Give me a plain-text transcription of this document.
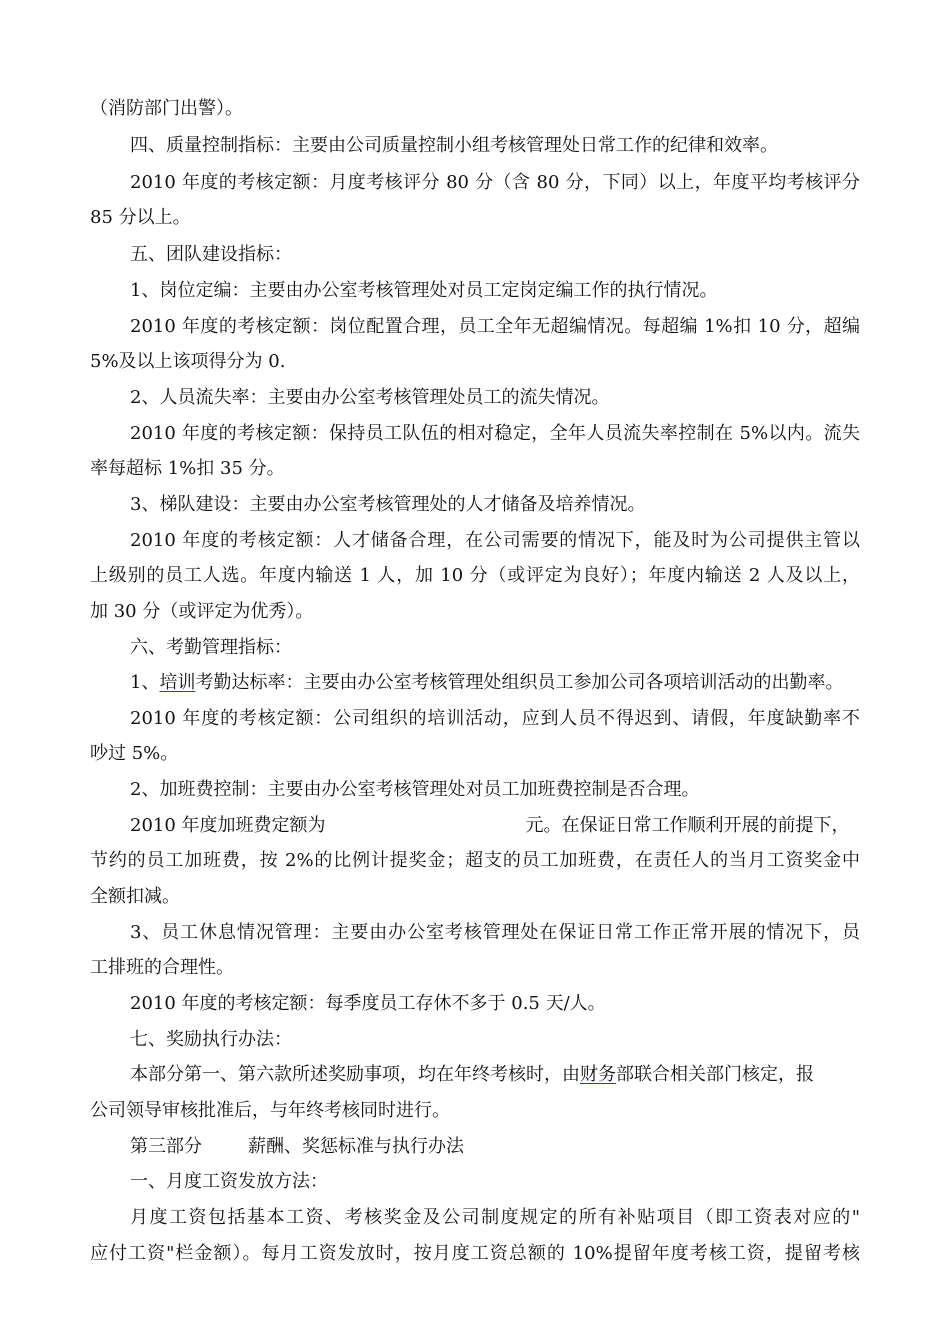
（消防部门出警）。
四、质量控制指标：主要由公司质量控制小组考核管理处日常工作的纪律和效率。
2010 年度的考核定额：月度考核评分 80 分（含 80 分，下同）以上，年度平均考核评分
85 分以上。
五、团队建设指标：
1、岗位定编：主要由办公室考核管理处对员工定岗定编工作的执行情况。
2010 年度的考核定额：岗位配置合理，员工全年无超编情况。每超编 1%扣 10 分，超编
5%及以上该项得分为 0.
2、人员流失率：主要由办公室考核管理处员工的流失情况。
2010 年度的考核定额：保持员工队伍的相对稳定，全年人员流失率控制在 5%以内。流失
率每超标 1%扣 35 分。
3、梯队建设：主要由办公室考核管理处的人才储备及培养情况。
2010 年度的考核定额：人才储备合理，在公司需要的情况下，能及时为公司提供主管以
上级别的员工人选。年度内输送 1 人，加 10 分（或评定为良好）；年度内输送 2 人及以上，
加 30 分（或评定为优秀）。
六、考勤管理指标：
1、培训考勤达标率：主要由办公室考核管理处组织员工参加公司各项培训活动的出勤率。
2010 年度的考核定额：公司组织的培训活动，应到人员不得迟到、请假，年度缺勤率不
吵过 5%。
2、加班费控制：主要由办公室考核管理处对员工加班费控制是否合理。
2010 年度加班费定额为	元。在保证日常工作顺利开展的前提下，
节约的员工加班费，按 2%的比例计提奖金；超支的员工加班费，在责任人的当月工资奖金中
全额扣减。
3、员工休息情况管理：主要由办公室考核管理处在保证日常工作正常开展的情况下，员
工排班的合理性。
2010 年度的考核定额：每季度员工存休不多于 0.5 天/人。
七、奖励执行办法：
本部分第一、第六款所述奖励事项，均在年终考核时，由财务部联合相关部门核定，报
公司领导审核批准后，与年终考核同时进行。
第三部分	薪酬、奖惩标准与执行办法
一、月度工资发放方法：
月度工资包括基本工资、考核奖金及公司制度规定的所有补贴项目（即工资表对应的"
应付工资"栏金额）。每月工资发放时，按月度工资总额的 10%提留年度考核工资，提留考核
